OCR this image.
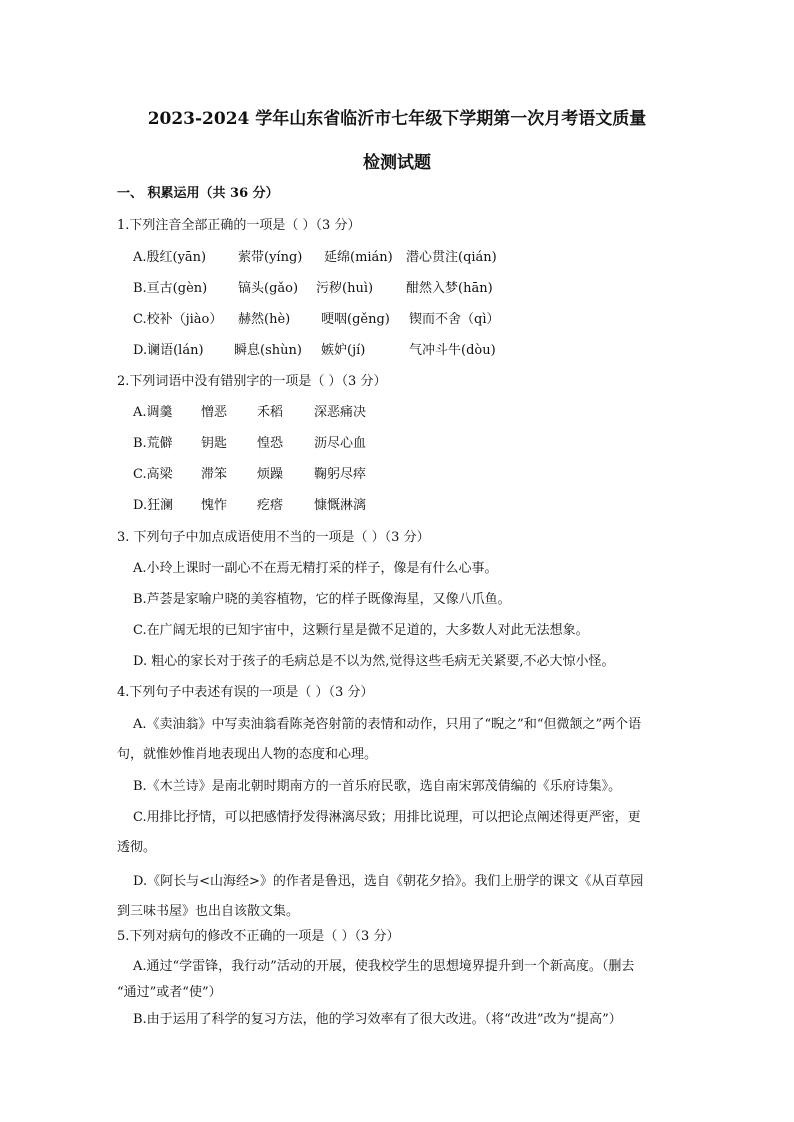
2023-2024 学年山东省临沂市七年级下学期第一次月考语文质量
检测试题
一、 积累运用（共 36 分）
1.下列注音全部正确的一项是（ ）（3 分）
A.殷红(yān) 萦带(yíng) 延绵(mián) 潜心贯注(qián)
B.亘古(gèn) 镐头(gǎo) 污秽(huì)	酣然入梦(hān)
C.校补（jiào） 赫然(hè) 哽咽(gěng) 锲而不舍（qì）
D.谰语(lán) 瞬息(shùn) 嫉妒(jí)	气冲斗牛(dòu)
2.下列词语中没有错别字的一项是（ ）（3 分）
A.调羹 憎恶 禾稻 深恶痛决
B.荒僻 钥匙 惶恐 沥尽心血
C.高梁 滞笨 烦躁 鞠躬尽瘁
D.狂澜 愧怍 疙瘩 慷慨淋漓
3. 下列句子中加点成语使用不当的一项是（ ）（3 分）
A.小玲上课时一副心不在焉无精打采的样子，像是有什么心事。
B.芦荟是家喻户晓的美容植物，它的样子既像海星，又像八爪鱼。
C.在广阔无垠的已知宇宙中，这颗行星是微不足道的，大多数人对此无法想象。
D. 粗心的家长对于孩子的毛病总是不以为然,觉得这些毛病无关紧要,不必大惊小怪。
4.下列句子中表述有误的一项是（ ）（3 分）
A.《卖油翁》中写卖油翁看陈尧咨射箭的表情和动作，只用了“睨之”和“但微颔之”两个语
句，就惟妙惟肖地表现出人物的态度和心理。
B.《木兰诗》是南北朝时期南方的一首乐府民歌，选自南宋郭茂倩编的《乐府诗集》。
C.用排比抒情，可以把感情抒发得淋漓尽致；用排比说理，可以把论点阐述得更严密，更
透彻。
D.《阿长与<山海经>》的作者是鲁迅，选自《朝花夕拾》。我们上册学的课文《从百草园
到三味书屋》也出自该散文集。
5.下列对病句的修改不正确的一项是（ ）（3 分）
A.通过“学雷锋，我行动”活动的开展，使我校学生的思想境界提升到一个新高度。（删去
“通过”或者“使”）
B.由于运用了科学的复习方法，他的学习效率有了很大改进。（将“改进”改为“提高”）
